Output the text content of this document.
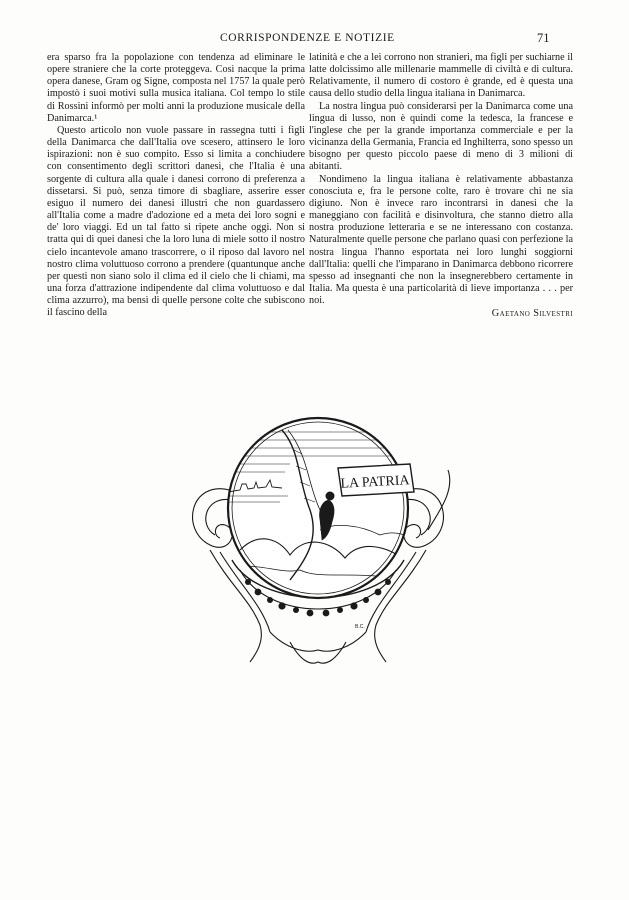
CORRISPONDENZE E NOTIZIE	71

era sparso fra la popolazione con tendenza ad eliminare le opere straniere che la corte proteggeva. Così nacque la prima opera danese, Gram og Signe, composta nel 1757 la quale però impostò i suoi motivi sulla musica italiana. Col tempo lo stile di Rossini informò per molti anni la produzione musicale della Danimarca.¹

Questo articolo non vuole passare in rassegna tutti i figli della Danimarca che dall'Italia ove scesero, attinsero le loro ispirazioni: non è suo compito. Esso si limita a conchiudere con consentimento degli scrittori danesi, che l'Italia è una sorgente di cultura alla quale i danesi corrono di preferenza a dissetarsi. Si può, senza timore di sbagliare, asserire esser esiguo il numero dei danesi illustri che non guardassero all'Italia come a madre d'adozione ed a meta dei loro sogni e de' loro viaggi. Ed un tal fatto si ripete anche oggi. Non si tratta qui di quei danesi che la loro luna di miele sotto il nostro cielo incantevole amano trascorrere, o il riposo dal lavoro nel nostro clima voluttuoso corrono a prendere (quantunque anche per questi non siano solo il clima ed il cielo che li chiami, ma una forza d'attrazione indipendente dal clima voluttuoso e dal clima azzurro), ma bensì di quelle persone colte che subiscono il fascino della

latinità e che a lei corrono non stranieri, ma figli per suchiarne il latte dolcissimo alle millenarie mammelle di civiltà e di cultura. Relativamente, il numero di costoro è grande, ed è questa una causa dello studio della lingua italiana in Danimarca.

La nostra lingua può considerarsi per la Danimarca come una lingua di lusso, non è quindi come la tedesca, la francese e l'inglese che per la grande importanza commerciale e per la vicinanza della Germania, Francia ed Inghilterra, sono spesso un bisogno per questo piccolo paese di meno di 3 milioni di abitanti.

Nondimeno la lingua italiana è relativamente abbastanza conosciuta e, fra le persone colte, raro è trovare chi ne sia digiuno. Non è invece raro incontrarsi in danesi che la maneggiano con facilità e disinvoltura, che stanno dietro alla nostra produzione letteraria e se ne interessano con costanza. Naturalmente quelle persone che parlano quasi con perfezione la nostra lingua l'hanno esportata nei loro lunghi soggiorni dall'Italia: quelli che l'imparano in Danimarca debbono ricorrere spesso ad insegnanti che non la insegnerebbero certamente in Italia. Ma questa è una particolarità di lieve importanza . . . per noi.

Gaetano Silvestri

LA PATRIA
B.C.
